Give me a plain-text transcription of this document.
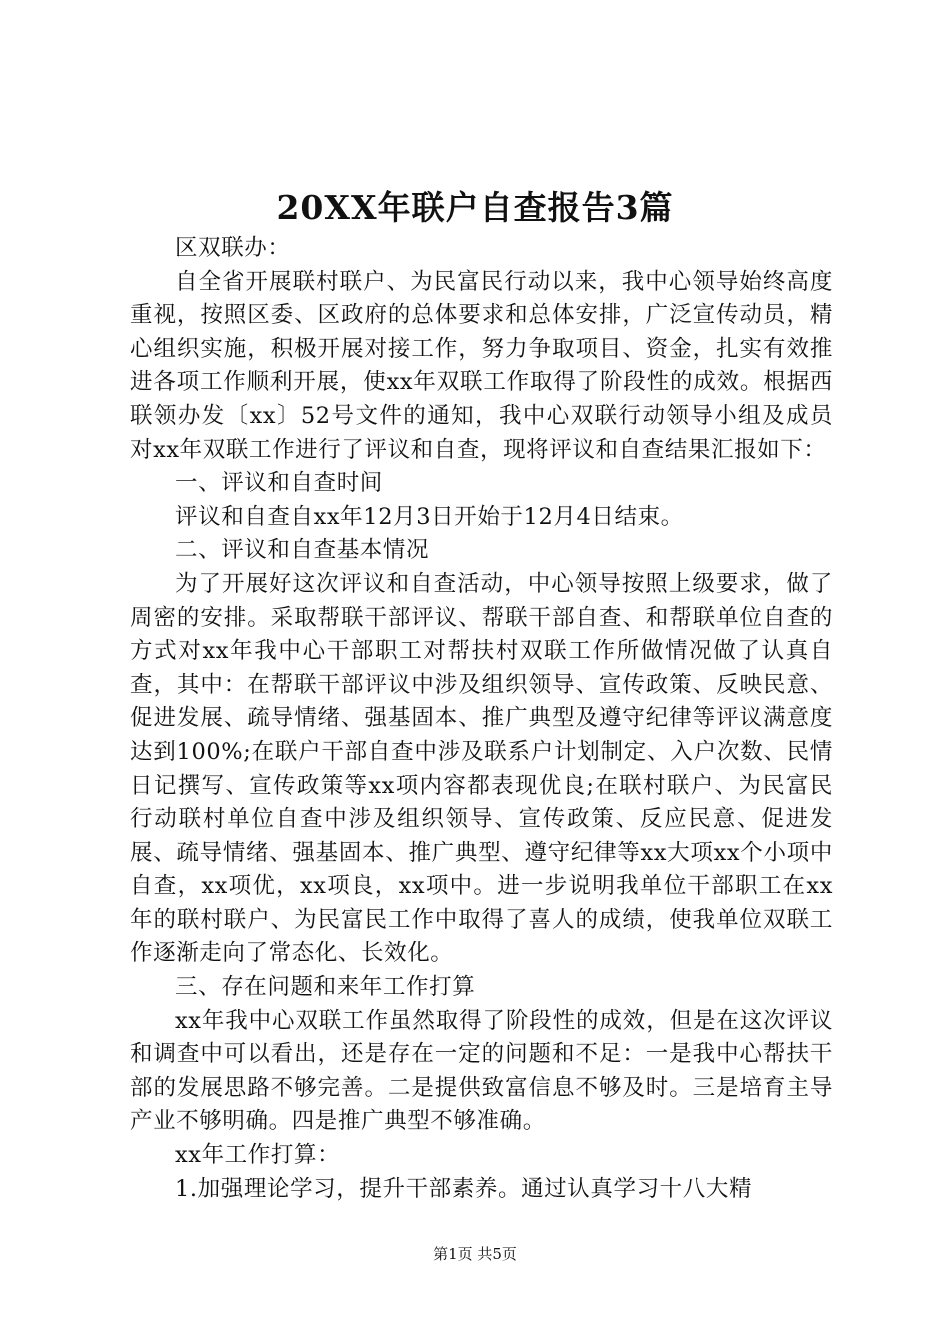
20XX年联户自查报告3篇

区双联办：

自全省开展联村联户、为民富民行动以来，我中心领导始终高度重视，按照区委、区政府的总体要求和总体安排，广泛宣传动员，精心组织实施，积极开展对接工作，努力争取项目、资金，扎实有效推进各项工作顺利开展，使xx年双联工作取得了阶段性的成效。根据西联领办发〔xx〕52号文件的通知，我中心双联行动领导小组及成员对xx年双联工作进行了评议和自查，现将评议和自查结果汇报如下：

一、评议和自查时间

评议和自查自xx年12月3日开始于12月4日结束。

二、评议和自查基本情况

为了开展好这次评议和自查活动，中心领导按照上级要求，做了周密的安排。采取帮联干部评议、帮联干部自查、和帮联单位自查的方式对xx年我中心干部职工对帮扶村双联工作所做情况做了认真自查，其中：在帮联干部评议中涉及组织领导、宣传政策、反映民意、促进发展、疏导情绪、强基固本、推广典型及遵守纪律等评议满意度达到100%;在联户干部自查中涉及联系户计划制定、入户次数、民情日记撰写、宣传政策等xx项内容都表现优良;在联村联户、为民富民行动联村单位自查中涉及组织领导、宣传政策、反应民意、促进发展、疏导情绪、强基固本、推广典型、遵守纪律等xx大项xx个小项中自查，xx项优，xx项良，xx项中。进一步说明我单位干部职工在xx年的联村联户、为民富民工作中取得了喜人的成绩，使我单位双联工作逐渐走向了常态化、长效化。

三、存在问题和来年工作打算

xx年我中心双联工作虽然取得了阶段性的成效，但是在这次评议和调查中可以看出，还是存在一定的问题和不足：一是我中心帮扶干部的发展思路不够完善。二是提供致富信息不够及时。三是培育主导产业不够明确。四是推广典型不够准确。

xx年工作打算：

1.加强理论学习，提升干部素养。通过认真学习十八大精

第1页 共5页
